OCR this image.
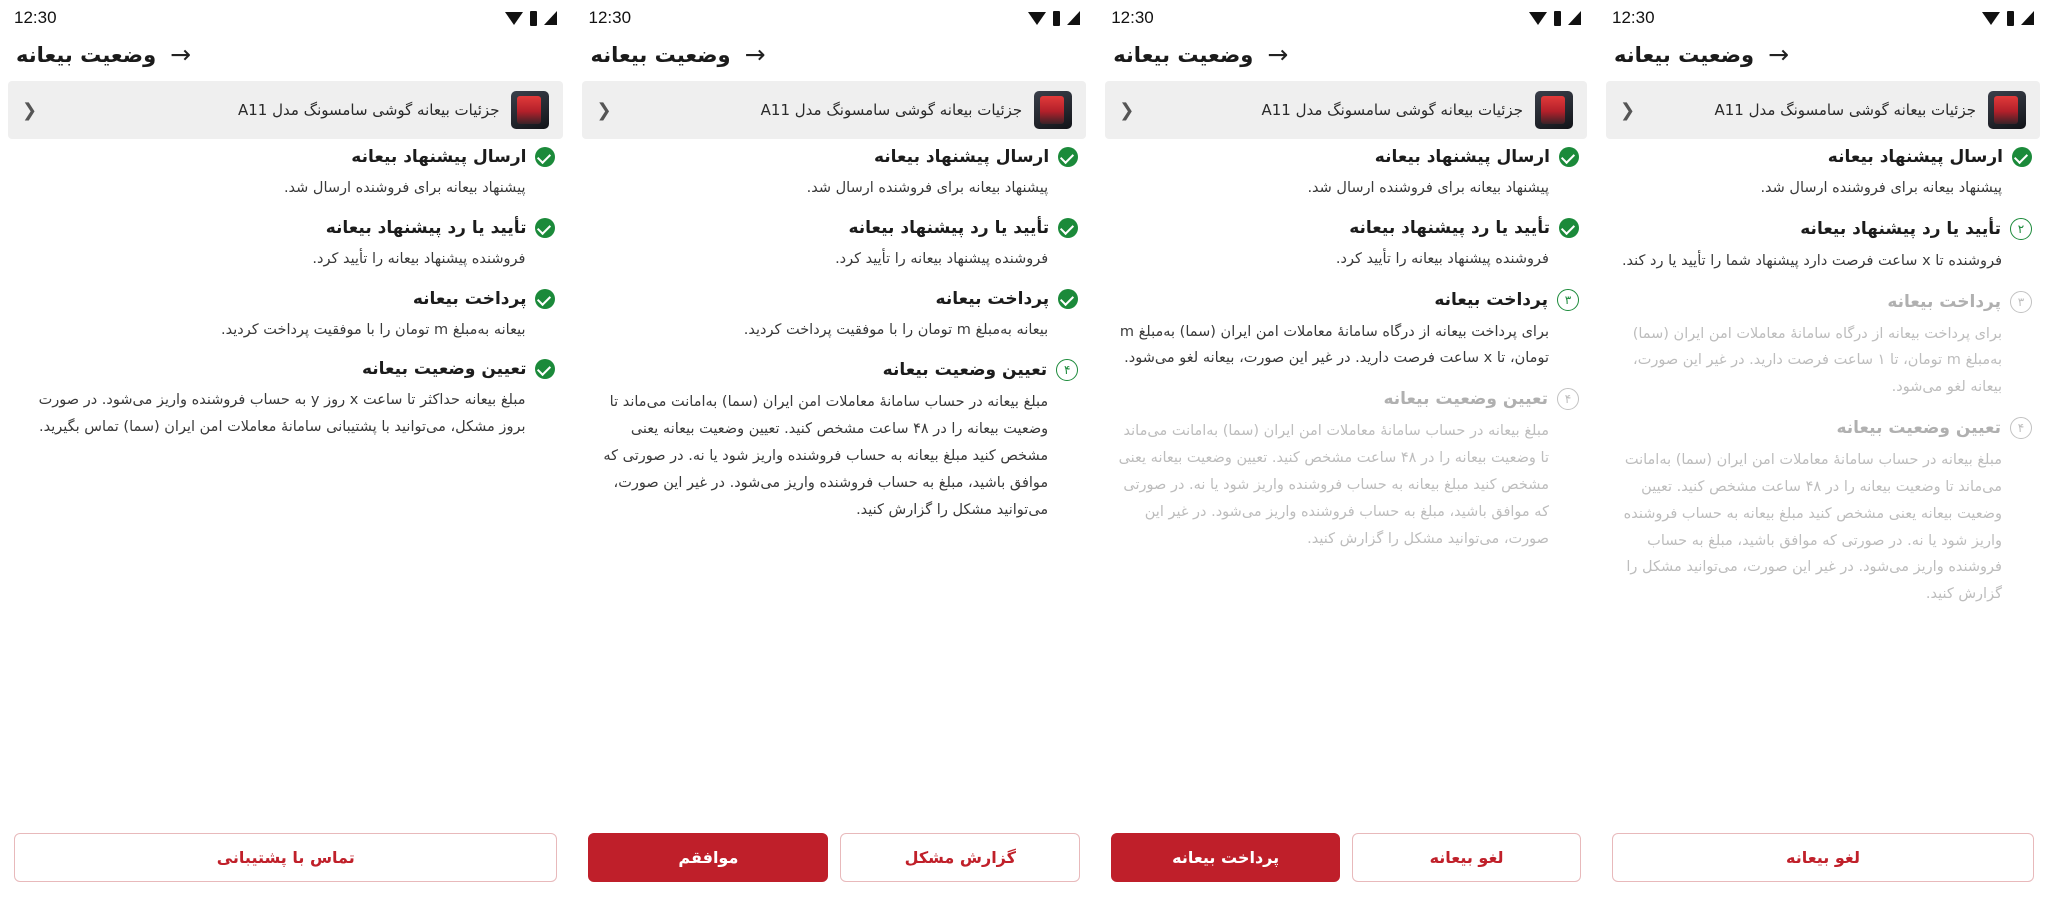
12:30
وضعیت بیعانه →
جزئیات بیعانه گوشی سامسونگ مدل A11
❮
ارسال پیشنهاد بیعانه
پیشنهاد بیعانه برای فروشنده ارسال شد.
۲
تأیید یا رد پیشنهاد بیعانه
فروشنده تا x ساعت فرصت دارد پیشنهاد شما را تأیید یا رد کند.
۳
پرداخت بیعانه
برای پرداخت بیعانه از درگاه سامانهٔ معاملات امن ایران (سما) به‌مبلغ m تومان، تا ۱ ساعت فرصت دارید. در غیر این صورت، بیعانه لغو می‌شود.
۴
تعیین وضعیت بیعانه
مبلغ بیعانه در حساب سامانهٔ معاملات امن ایران (سما) به‌امانت می‌ماند تا وضعیت بیعانه را در ۴۸ ساعت مشخص کنید. تعیین وضعیت بیعانه یعنی مشخص کنید مبلغ بیعانه به حساب فروشنده واریز شود یا نه. در صورتی که موافق باشید، مبلغ به حساب فروشنده واریز می‌شود. در غیر این صورت، می‌توانید مشکل را گزارش کنید.
لغو بیعانه
12:30
وضعیت بیعانه →
جزئیات بیعانه گوشی سامسونگ مدل A11
❮
ارسال پیشنهاد بیعانه
پیشنهاد بیعانه برای فروشنده ارسال شد.
تأیید یا رد پیشنهاد بیعانه
فروشنده پیشنهاد بیعانه را تأیید کرد.
۳
پرداخت بیعانه
برای پرداخت بیعانه از درگاه سامانهٔ معاملات امن ایران (سما) به‌مبلغ m تومان، تا x ساعت فرصت دارید. در غیر این صورت، بیعانه لغو می‌شود.
۴
تعیین وضعیت بیعانه
مبلغ بیعانه در حساب سامانهٔ معاملات امن ایران (سما) به‌امانت می‌ماند تا وضعیت بیعانه را در ۴۸ ساعت مشخص کنید. تعیین وضعیت بیعانه یعنی مشخص کنید مبلغ بیعانه به حساب فروشنده واریز شود یا نه. در صورتی که موافق باشید، مبلغ به حساب فروشنده واریز می‌شود. در غیر این صورت، می‌توانید مشکل را گزارش کنید.
لغو بیعانه
پرداخت بیعانه
12:30
وضعیت بیعانه →
جزئیات بیعانه گوشی سامسونگ مدل A11
❮
ارسال پیشنهاد بیعانه
پیشنهاد بیعانه برای فروشنده ارسال شد.
تأیید یا رد پیشنهاد بیعانه
فروشنده پیشنهاد بیعانه را تأیید کرد.
پرداخت بیعانه
بیعانه به‌مبلغ m تومان را با موفقیت پرداخت کردید.
۴
تعیین وضعیت بیعانه
مبلغ بیعانه در حساب سامانهٔ معاملات امن ایران (سما) به‌امانت می‌ماند تا وضعیت بیعانه را در ۴۸ ساعت مشخص کنید. تعیین وضعیت بیعانه یعنی مشخص کنید مبلغ بیعانه به حساب فروشنده واریز شود یا نه. در صورتی که موافق باشید، مبلغ به حساب فروشنده واریز می‌شود. در غیر این صورت، می‌توانید مشکل را گزارش کنید.
گزارش مشکل
موافقم
12:30
وضعیت بیعانه →
جزئیات بیعانه گوشی سامسونگ مدل A11
❮
ارسال پیشنهاد بیعانه
پیشنهاد بیعانه برای فروشنده ارسال شد.
تأیید یا رد پیشنهاد بیعانه
فروشنده پیشنهاد بیعانه را تأیید کرد.
پرداخت بیعانه
بیعانه به‌مبلغ m تومان را با موفقیت پرداخت کردید.
تعیین وضعیت بیعانه
مبلغ بیعانه حداکثر تا ساعت x روز y به حساب فروشنده واریز می‌شود. در صورت بروز مشکل، می‌توانید با پشتیبانی سامانهٔ معاملات امن ایران (سما) تماس بگیرید.
تماس با پشتیبانی
